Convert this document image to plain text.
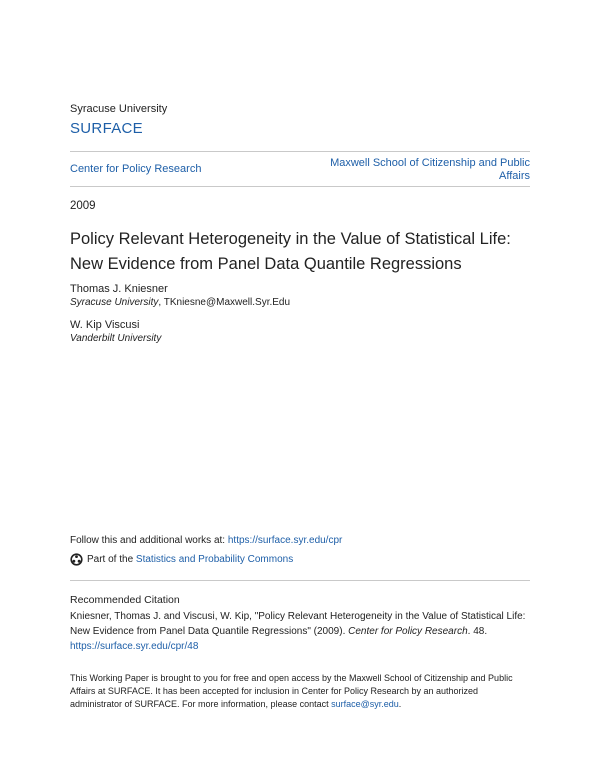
Syracuse University
SURFACE
Center for Policy Research	Maxwell School of Citizenship and Public Affairs
2009
Policy Relevant Heterogeneity in the Value of Statistical Life: New Evidence from Panel Data Quantile Regressions
Thomas J. Kniesner
Syracuse University, TKniesne@Maxwell.Syr.Edu
W. Kip Viscusi
Vanderbilt University
Follow this and additional works at: https://surface.syr.edu/cpr
Part of the
Statistics and Probability Commons
Recommended Citation
Kniesner, Thomas J. and Viscusi, W. Kip, "Policy Relevant Heterogeneity in the Value of Statistical Life: New Evidence from Panel Data Quantile Regressions" (2009). Center for Policy Research. 48.
https://surface.syr.edu/cpr/48
This Working Paper is brought to you for free and open access by the Maxwell School of Citizenship and Public Affairs at SURFACE. It has been accepted for inclusion in Center for Policy Research by an authorized administrator of SURFACE. For more information, please contact surface@syr.edu.
